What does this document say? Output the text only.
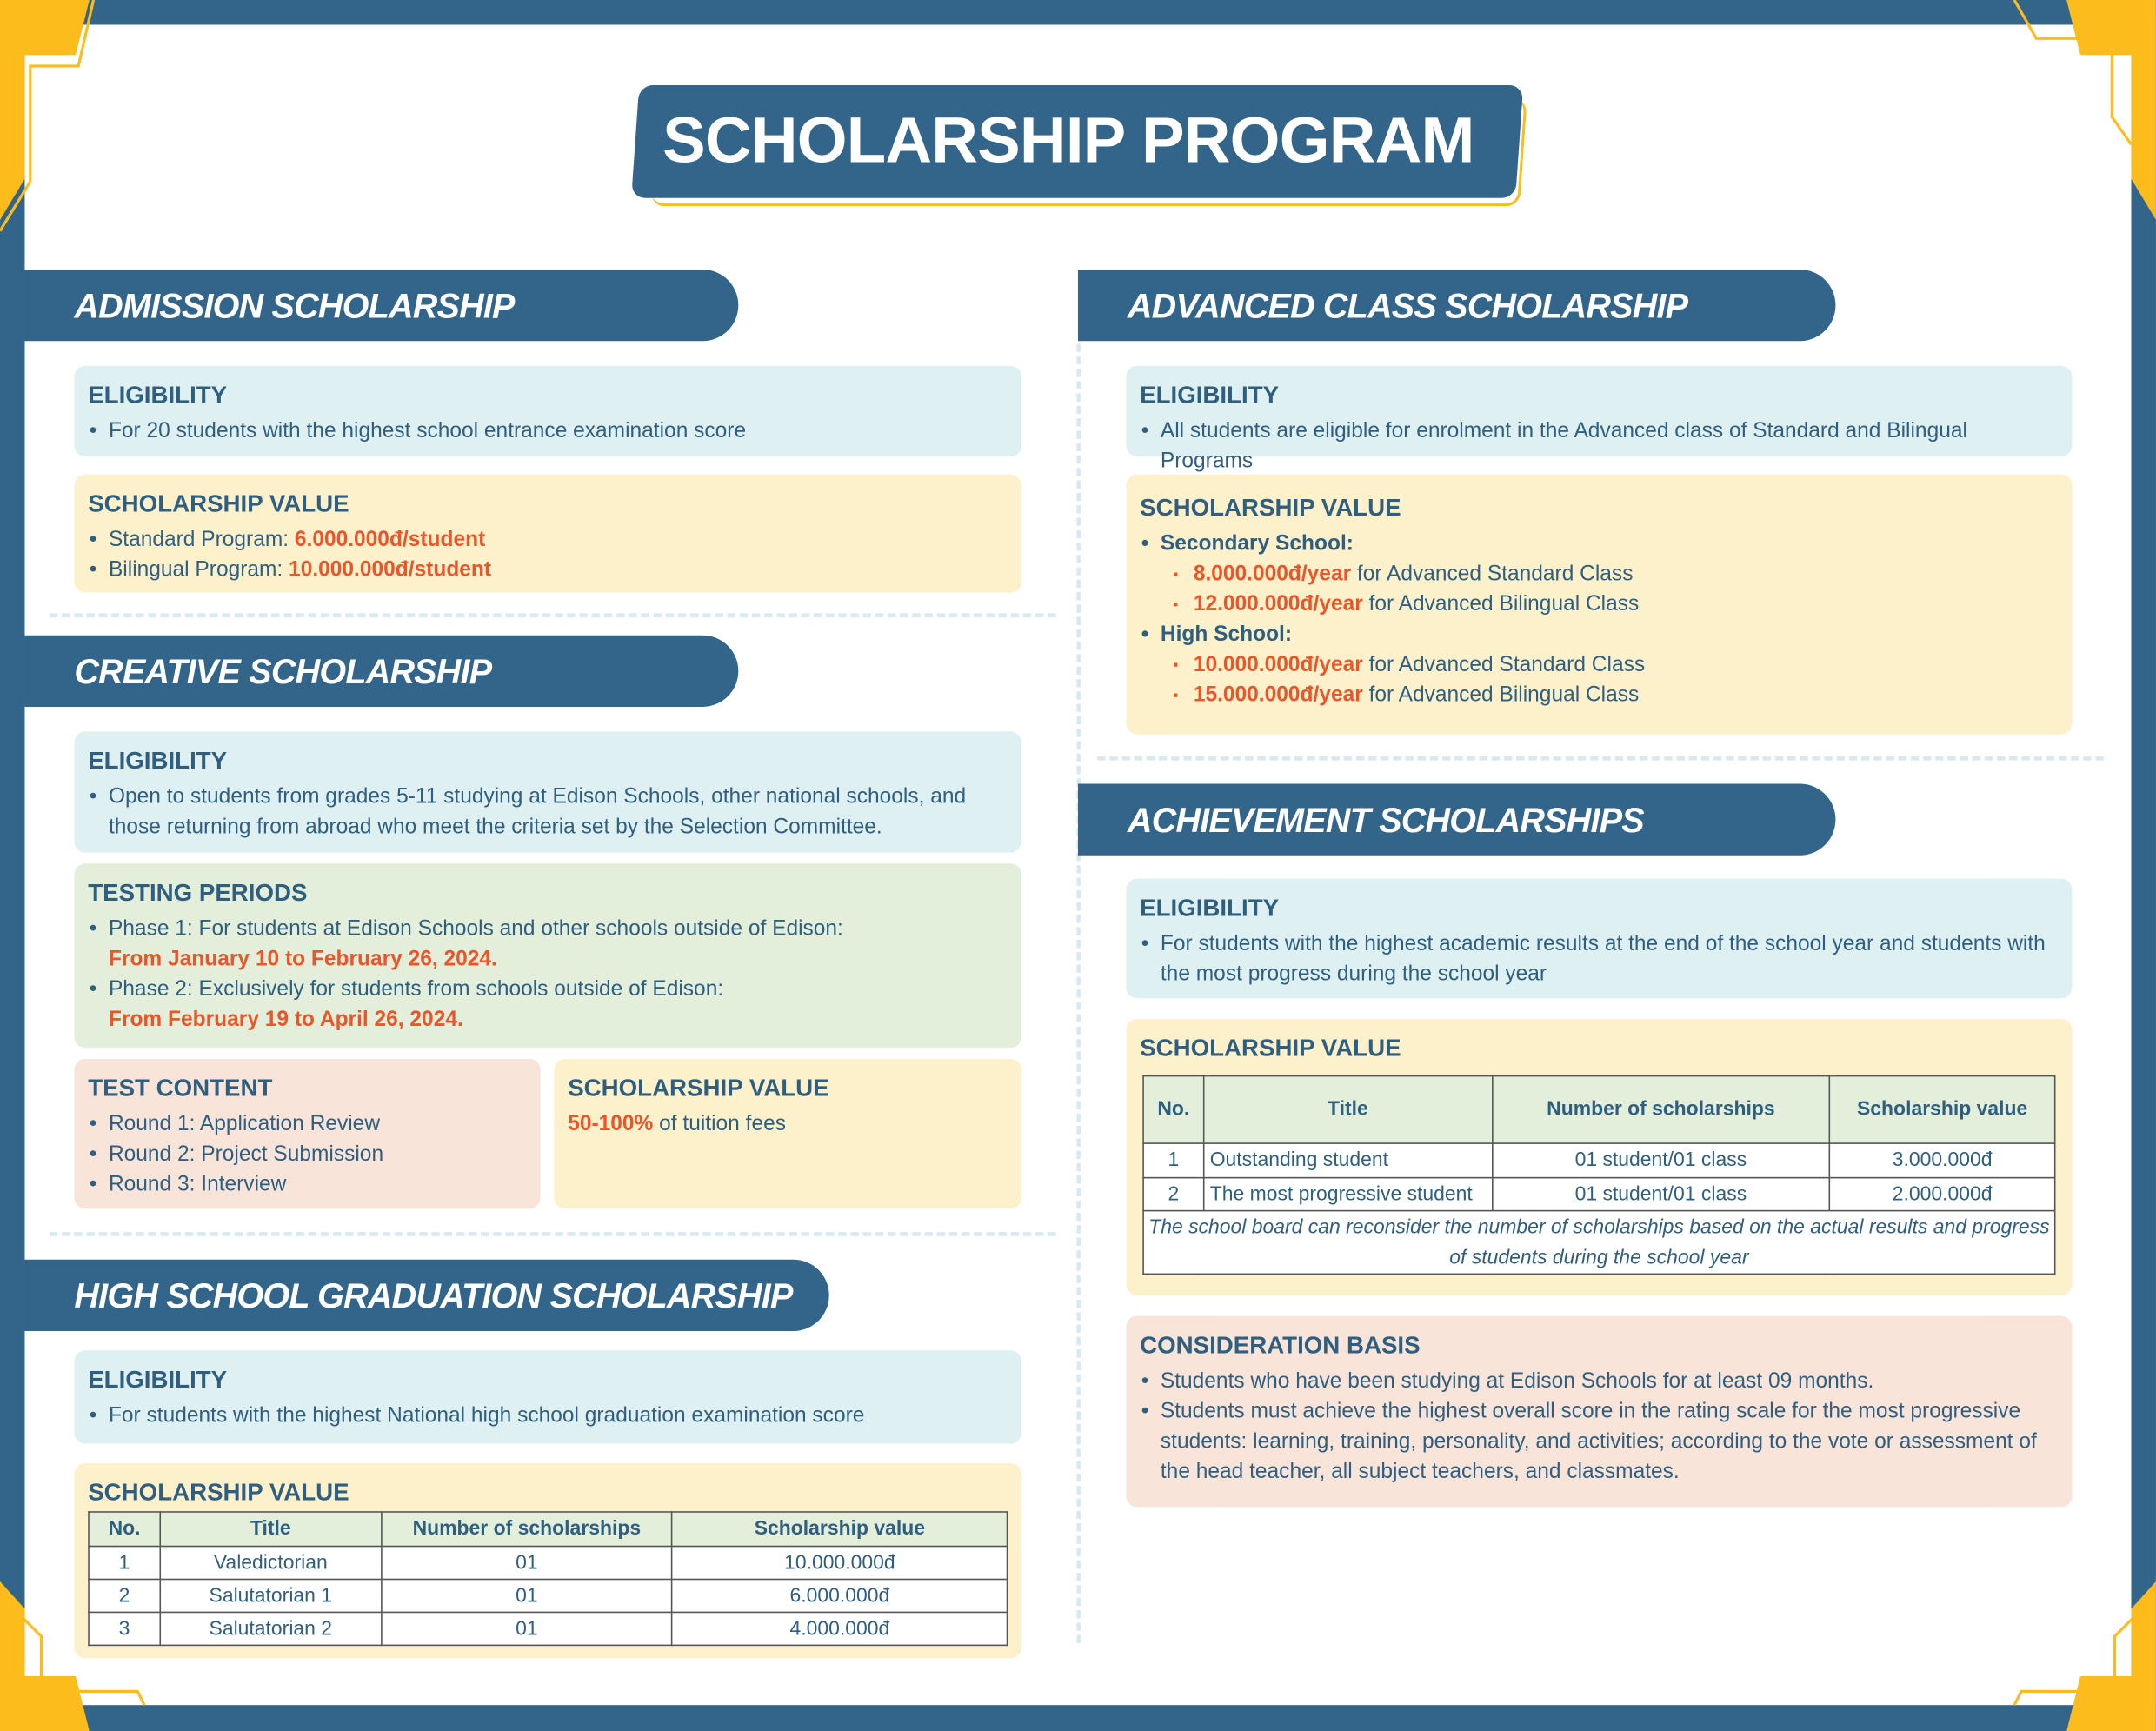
SCHOLARSHIP PROGRAM
ADMISSION SCHOLARSHIP
ELIGIBILITY
• For 20 students with the highest school entrance examination score
SCHOLARSHIP VALUE
• Standard Program: 6.000.000đ/student
• Bilingual Program: 10.000.000đ/student
CREATIVE SCHOLARSHIP
ELIGIBILITY
• Open to students from grades 5-11 studying at Edison Schools, other national schools, and those returning from abroad who meet the criteria set by the Selection Committee.
TESTING PERIODS
• Phase 1: For students at Edison Schools and other schools outside of Edison:
From January 10 to February 26, 2024.
• Phase 2: Exclusively for students from schools outside of Edison:
From February 19 to April 26, 2024.
TEST CONTENT
• Round 1: Application Review
• Round 2: Project Submission
• Round 3: Interview
SCHOLARSHIP VALUE
50-100% of tuition fees
HIGH SCHOOL GRADUATION SCHOLARSHIP
ELIGIBILITY
• For students with the highest National high school graduation examination score
SCHOLARSHIP VALUE
No.	Title	Number of scholarships	Scholarship value
1	Valedictorian	01	10.000.000đ
2	Salutatorian 1	01	6.000.000đ
3	Salutatorian 2	01	4.000.000đ
ADVANCED CLASS SCHOLARSHIP
ELIGIBILITY
• All students are eligible for enrolment in the Advanced class of Standard and Bilingual Programs
SCHOLARSHIP VALUE
• Secondary School:
▪ 8.000.000đ/year for Advanced Standard Class
▪ 12.000.000đ/year for Advanced Bilingual Class
• High School:
▪ 10.000.000đ/year for Advanced Standard Class
▪ 15.000.000đ/year for Advanced Bilingual Class
ACHIEVEMENT SCHOLARSHIPS
ELIGIBILITY
• For students with the highest academic results at the end of the school year and students with the most progress during the school year
SCHOLARSHIP VALUE
No.	Title	Number of scholarships	Scholarship value
1	Outstanding student	01 student/01 class	3.000.000đ
2	The most progressive student	01 student/01 class	2.000.000đ
The school board can reconsider the number of scholarships based on the actual results and progress of students during the school year			
CONSIDERATION BASIS
• Students who have been studying at Edison Schools for at least 09 months.
• Students must achieve the highest overall score in the rating scale for the most progressive students: learning, training, personality, and activities; according to the vote or assessment of the head teacher, all subject teachers, and classmates.
